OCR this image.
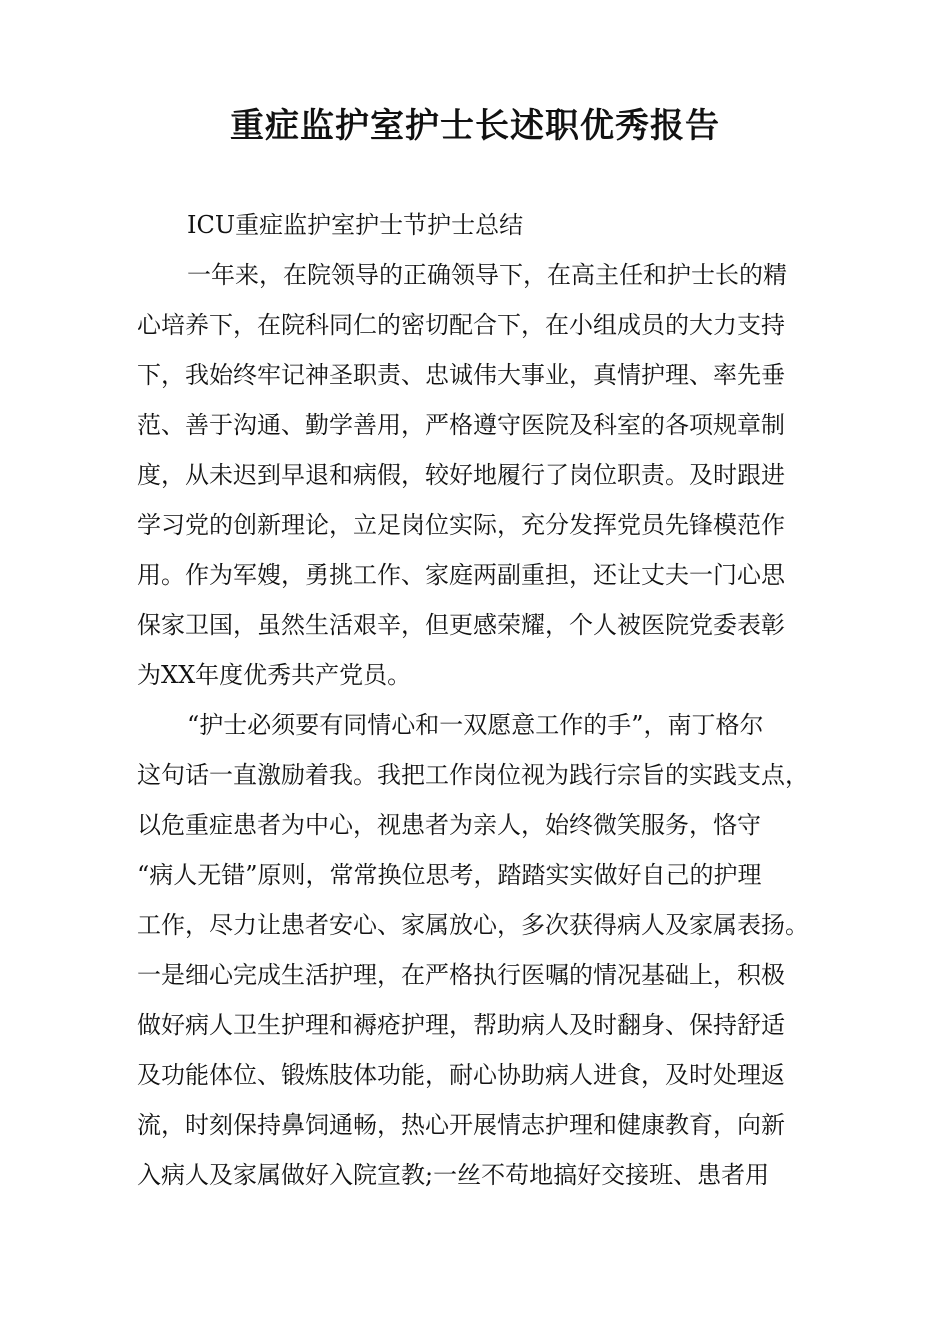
重症监护室护士长述职优秀报告
ICU重症监护室护士节护士总结
一年来，在院领导的正确领导下，在高主任和护士长的精
心培养下，在院科同仁的密切配合下，在小组成员的大力支持
下，我始终牢记神圣职责、忠诚伟大事业，真情护理、率先垂
范、善于沟通、勤学善用，严格遵守医院及科室的各项规章制
度，从未迟到早退和病假，较好地履行了岗位职责。及时跟进
学习党的创新理论，立足岗位实际，充分发挥党员先锋模范作
用。作为军嫂，勇挑工作、家庭两副重担，还让丈夫一门心思
保家卫国，虽然生活艰辛，但更感荣耀，个人被医院党委表彰
为XX年度优秀共产党员。
“护士必须要有同情心和一双愿意工作的手”，南丁格尔
这句话一直激励着我。我把工作岗位视为践行宗旨的实践支点，
以危重症患者为中心，视患者为亲人，始终微笑服务，恪守
“病人无错”原则，常常换位思考，踏踏实实做好自己的护理
工作，尽力让患者安心、家属放心，多次获得病人及家属表扬。
一是细心完成生活护理，在严格执行医嘱的情况基础上，积极
做好病人卫生护理和褥疮护理，帮助病人及时翻身、保持舒适
及功能体位、锻炼肢体功能，耐心协助病人进食，及时处理返
流，时刻保持鼻饲通畅，热心开展情志护理和健康教育，向新
入病人及家属做好入院宣教;一丝不苟地搞好交接班、患者用
